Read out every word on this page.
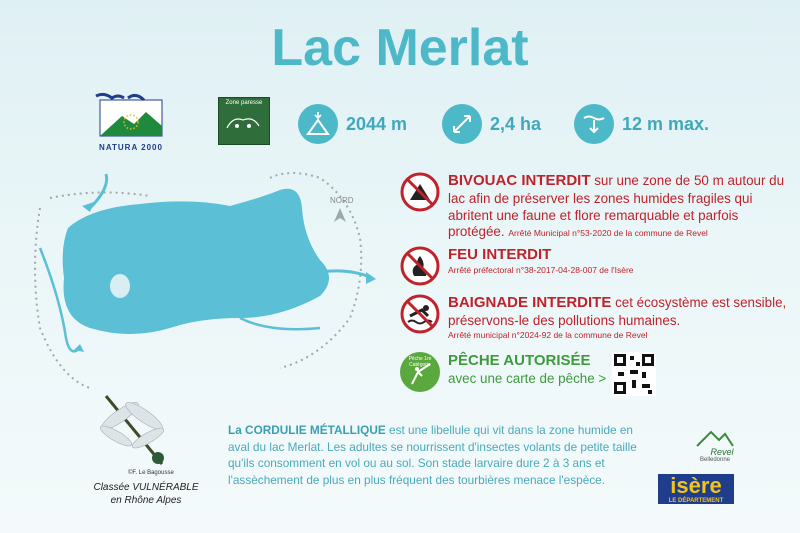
Lac Merlat
NATURA 2000
Zone paresse
2044 m	2,4 ha	12 m max.
NORD
BIVOUAC INTERDIT sur une zone de 50 m autour du lac afin de préserver les zones humides fragiles qui abritent une faune et flore remarquable et parfois protégée. Arrêté Municipal n°53-2020 de la commune de Revel
FEU INTERDIT
Arrêté préfectoral n°38-2017-04-28-007 de l'Isère
BAIGNADE INTERDITE cet écosystème est sensible, préservons-le des pollutions humaines.
Arrêté municipal n°2024-92 de la commune de Revel
Pêche 1re Catégorie	PÊCHE AUTORISÉE
avec une carte de pêche >
©F. Le Bagousse
Classée VULNÉRABLE
en Rhône Alpes
La CORDULIE MÉTALLIQUE est une libellule qui vit dans la zone humide en aval du lac Merlat. Les adultes se nourrissent d'insectes volants de petite taille qu'ils consomment en vol ou au sol. Son stade larvaire dure 2 à 3 ans et l'assèchement de plus en plus fréquent des tourbières menace l'espèce.
Revel
Belledonne
isère
LE DÉPARTEMENT
